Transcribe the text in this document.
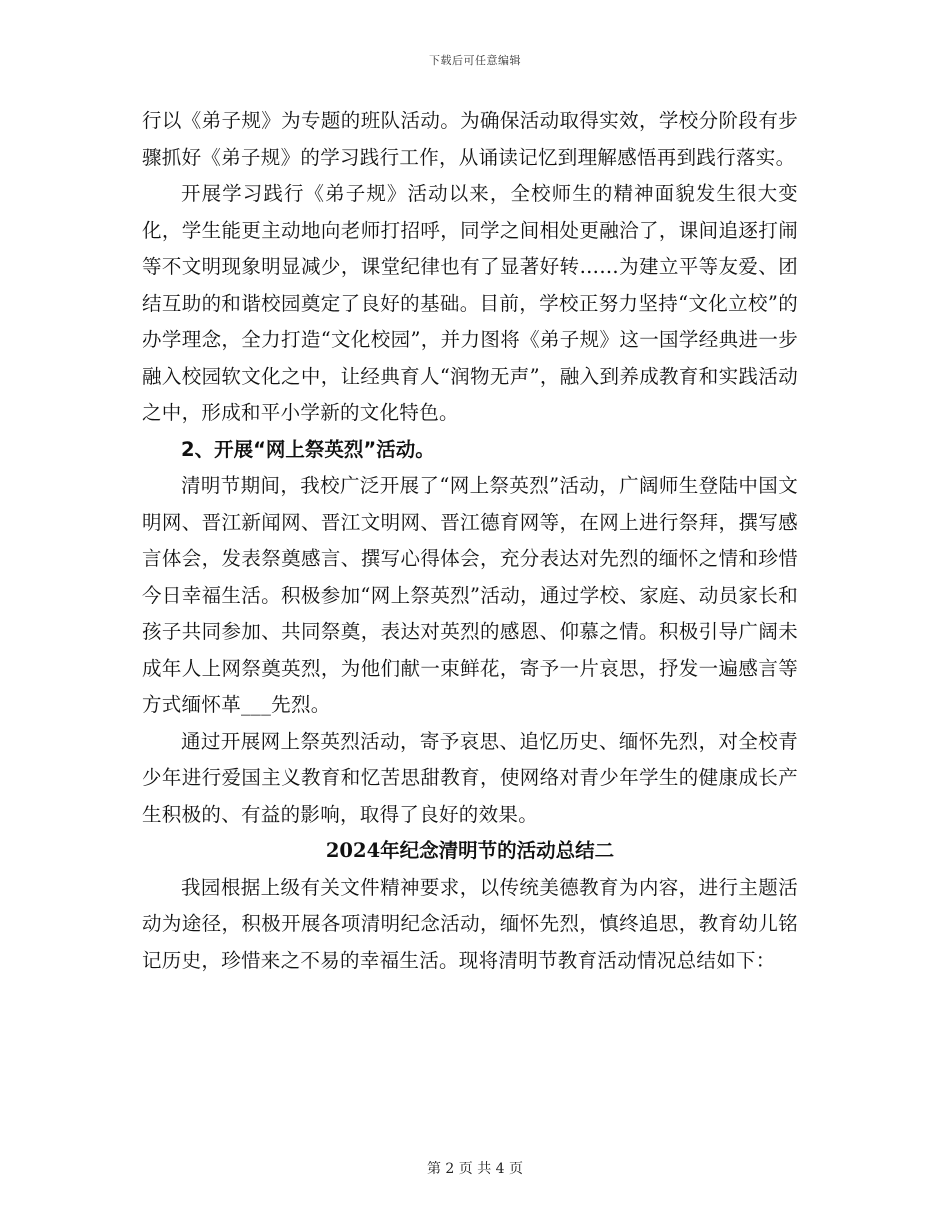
下载后可任意编辑

行以《弟子规》为专题的班队活动。为确保活动取得实效，学校分阶段有步骤抓好《弟子规》的学习践行工作，从诵读记忆到理解感悟再到践行落实。

开展学习践行《弟子规》活动以来，全校师生的精神面貌发生很大变化，学生能更主动地向老师打招呼，同学之间相处更融洽了，课间追逐打闹等不文明现象明显减少，课堂纪律也有了显著好转……为建立平等友爱、团结互助的和谐校园奠定了良好的基础。目前，学校正努力坚持“文化立校”的办学理念，全力打造“文化校园”，并力图将《弟子规》这一国学经典进一步融入校园软文化之中，让经典育人“润物无声”，融入到养成教育和实践活动之中，形成和平小学新的文化特色。

2、开展“网上祭英烈”活动。

清明节期间，我校广泛开展了“网上祭英烈”活动，广阔师生登陆中国文明网、晋江新闻网、晋江文明网、晋江德育网等，在网上进行祭拜，撰写感言体会，发表祭奠感言、撰写心得体会，充分表达对先烈的缅怀之情和珍惜今日幸福生活。积极参加“网上祭英烈”活动，通过学校、家庭、动员家长和孩子共同参加、共同祭奠，表达对英烈的感恩、仰慕之情。积极引导广阔未成年人上网祭奠英烈，为他们献一束鲜花，寄予一片哀思，抒发一遍感言等方式缅怀革___先烈。

通过开展网上祭英烈活动，寄予哀思、追忆历史、缅怀先烈，对全校青少年进行爱国主义教育和忆苦思甜教育，使网络对青少年学生的健康成长产生积极的、有益的影响，取得了良好的效果。

2024年纪念清明节的活动总结二

我园根据上级有关文件精神要求，以传统美德教育为内容，进行主题活动为途径，积极开展各项清明纪念活动，缅怀先烈，慎终追思，教育幼儿铭记历史，珍惜来之不易的幸福生活。现将清明节教育活动情况总结如下：

第 2 页 共 4 页
